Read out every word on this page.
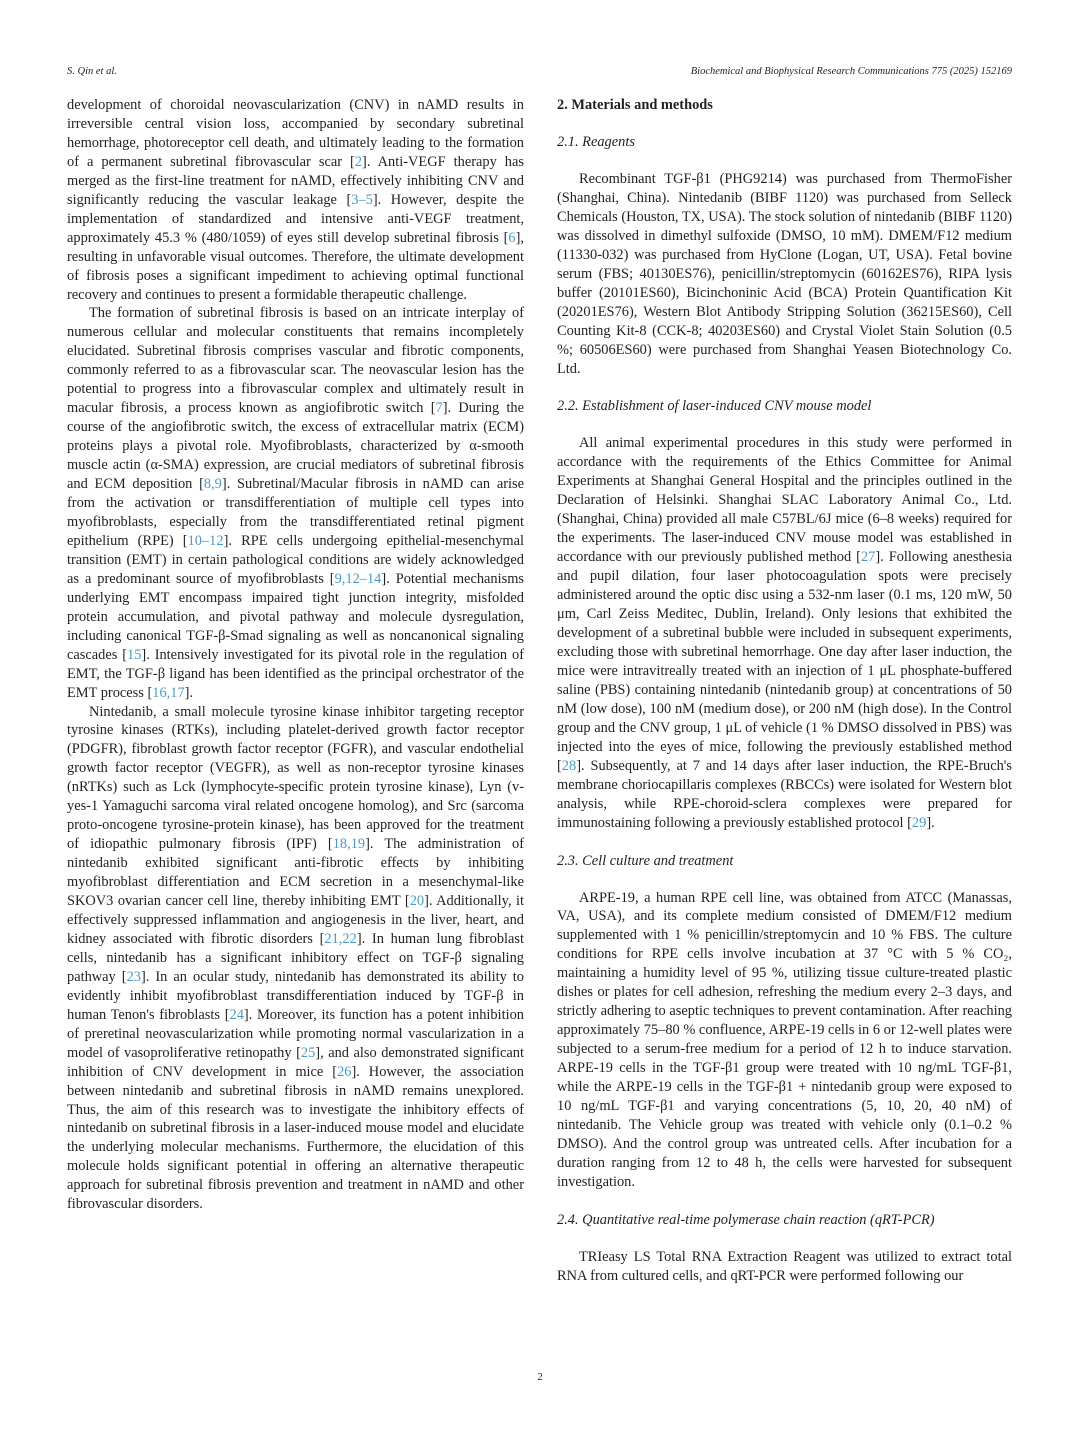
S. Qin et al.	Biochemical and Biophysical Research Communications 775 (2025) 152169

development of choroidal neovascularization (CNV) in nAMD results in irreversible central vision loss, accompanied by secondary subretinal hemorrhage, photoreceptor cell death, and ultimately leading to the formation of a permanent subretinal fibrovascular scar [2]. Anti-VEGF therapy has merged as the first-line treatment for nAMD, effectively inhibiting CNV and significantly reducing the vascular leakage [3–5]. However, despite the implementation of standardized and intensive anti-VEGF treatment, approximately 45.3 % (480/1059) of eyes still develop subretinal fibrosis [6], resulting in unfavorable visual outcomes. Therefore, the ultimate development of fibrosis poses a significant impediment to achieving optimal functional recovery and continues to present a formidable therapeutic challenge.

The formation of subretinal fibrosis is based on an intricate interplay of numerous cellular and molecular constituents that remains incompletely elucidated. Subretinal fibrosis comprises vascular and fibrotic components, commonly referred to as a fibrovascular scar. The neovascular lesion has the potential to progress into a fibrovascular complex and ultimately result in macular fibrosis, a process known as angiofibrotic switch [7]. During the course of the angiofibrotic switch, the excess of extracellular matrix (ECM) proteins plays a pivotal role. Myofibroblasts, characterized by α-smooth muscle actin (α-SMA) expression, are crucial mediators of subretinal fibrosis and ECM deposition [8,9]. Subretinal/Macular fibrosis in nAMD can arise from the activation or transdifferentiation of multiple cell types into myofibroblasts, especially from the transdifferentiated retinal pigment epithelium (RPE) [10–12]. RPE cells undergoing epithelial-mesenchymal transition (EMT) in certain pathological conditions are widely acknowledged as a predominant source of myofibroblasts [9,12–14]. Potential mechanisms underlying EMT encompass impaired tight junction integrity, misfolded protein accumulation, and pivotal pathway and molecule dysregulation, including canonical TGF-β-Smad signaling as well as noncanonical signaling cascades [15]. Intensively investigated for its pivotal role in the regulation of EMT, the TGF-β ligand has been identified as the principal orchestrator of the EMT process [16,17].

Nintedanib, a small molecule tyrosine kinase inhibitor targeting receptor tyrosine kinases (RTKs), including platelet-derived growth factor receptor (PDGFR), fibroblast growth factor receptor (FGFR), and vascular endothelial growth factor receptor (VEGFR), as well as non-receptor tyrosine kinases (nRTKs) such as Lck (lymphocyte-specific protein tyrosine kinase), Lyn (v-yes-1 Yamaguchi sarcoma viral related oncogene homolog), and Src (sarcoma proto-oncogene tyrosine-protein kinase), has been approved for the treatment of idiopathic pulmonary fibrosis (IPF) [18,19]. The administration of nintedanib exhibited significant anti-fibrotic effects by inhibiting myofibroblast differentiation and ECM secretion in a mesenchymal-like SKOV3 ovarian cancer cell line, thereby inhibiting EMT [20]. Additionally, it effectively suppressed inflammation and angiogenesis in the liver, heart, and kidney associated with fibrotic disorders [21,22]. In human lung fibroblast cells, nintedanib has a significant inhibitory effect on TGF-β signaling pathway [23]. In an ocular study, nintedanib has demonstrated its ability to evidently inhibit myofibroblast transdifferentiation induced by TGF-β in human Tenon's fibroblasts [24]. Moreover, its function has a potent inhibition of preretinal neovascularization while promoting normal vascularization in a model of vasoproliferative retinopathy [25], and also demonstrated significant inhibition of CNV development in mice [26]. However, the association between nintedanib and subretinal fibrosis in nAMD remains unexplored. Thus, the aim of this research was to investigate the inhibitory effects of nintedanib on subretinal fibrosis in a laser-induced mouse model and elucidate the underlying molecular mechanisms. Furthermore, the elucidation of this molecule holds significant potential in offering an alternative therapeutic approach for subretinal fibrosis prevention and treatment in nAMD and other fibrovascular disorders.

2. Materials and methods
2.1. Reagents

Recombinant TGF-β1 (PHG9214) was purchased from ThermoFisher (Shanghai, China). Nintedanib (BIBF 1120) was purchased from Selleck Chemicals (Houston, TX, USA). The stock solution of nintedanib (BIBF 1120) was dissolved in dimethyl sulfoxide (DMSO, 10 mM). DMEM/F12 medium (11330-032) was purchased from HyClone (Logan, UT, USA). Fetal bovine serum (FBS; 40130ES76), penicillin/streptomycin (60162ES76), RIPA lysis buffer (20101ES60), Bicinchoninic Acid (BCA) Protein Quantification Kit (20201ES76), Western Blot Antibody Stripping Solution (36215ES60), Cell Counting Kit-8 (CCK-8; 40203ES60) and Crystal Violet Stain Solution (0.5 %; 60506ES60) were purchased from Shanghai Yeasen Biotechnology Co. Ltd.

2.2. Establishment of laser-induced CNV mouse model

All animal experimental procedures in this study were performed in accordance with the requirements of the Ethics Committee for Animal Experiments at Shanghai General Hospital and the principles outlined in the Declaration of Helsinki. Shanghai SLAC Laboratory Animal Co., Ltd. (Shanghai, China) provided all male C57BL/6J mice (6–8 weeks) required for the experiments. The laser-induced CNV mouse model was established in accordance with our previously published method [27]. Following anesthesia and pupil dilation, four laser photocoagulation spots were precisely administered around the optic disc using a 532-nm laser (0.1 ms, 120 mW, 50 μm, Carl Zeiss Meditec, Dublin, Ireland). Only lesions that exhibited the development of a subretinal bubble were included in subsequent experiments, excluding those with subretinal hemorrhage. One day after laser induction, the mice were intravitreally treated with an injection of 1 μL phosphate-buffered saline (PBS) containing nintedanib (nintedanib group) at concentrations of 50 nM (low dose), 100 nM (medium dose), or 200 nM (high dose). In the Control group and the CNV group, 1 μL of vehicle (1 % DMSO dissolved in PBS) was injected into the eyes of mice, following the previously established method [28]. Subsequently, at 7 and 14 days after laser induction, the RPE-Bruch's membrane choriocapillaris complexes (RBCCs) were isolated for Western blot analysis, while RPE-choroid-sclera complexes were prepared for immunostaining following a previously established protocol [29].

2.3. Cell culture and treatment

ARPE-19, a human RPE cell line, was obtained from ATCC (Manassas, VA, USA), and its complete medium consisted of DMEM/F12 medium supplemented with 1 % penicillin/streptomycin and 10 % FBS. The culture conditions for RPE cells involve incubation at 37 °C with 5 % CO₂, maintaining a humidity level of 95 %, utilizing tissue culture-treated plastic dishes or plates for cell adhesion, refreshing the medium every 2–3 days, and strictly adhering to aseptic techniques to prevent contamination. After reaching approximately 75–80 % confluence, ARPE-19 cells in 6 or 12-well plates were subjected to a serum-free medium for a period of 12 h to induce starvation. ARPE-19 cells in the TGF-β1 group were treated with 10 ng/mL TGF-β1, while the ARPE-19 cells in the TGF-β1 + nintedanib group were exposed to 10 ng/mL TGF-β1 and varying concentrations (5, 10, 20, 40 nM) of nintedanib. The Vehicle group was treated with vehicle only (0.1–0.2 % DMSO). And the control group was untreated cells. After incubation for a duration ranging from 12 to 48 h, the cells were harvested for subsequent investigation.

2.4. Quantitative real-time polymerase chain reaction (qRT-PCR)

TRIeasy LS Total RNA Extraction Reagent was utilized to extract total RNA from cultured cells, and qRT-PCR were performed following our

2
